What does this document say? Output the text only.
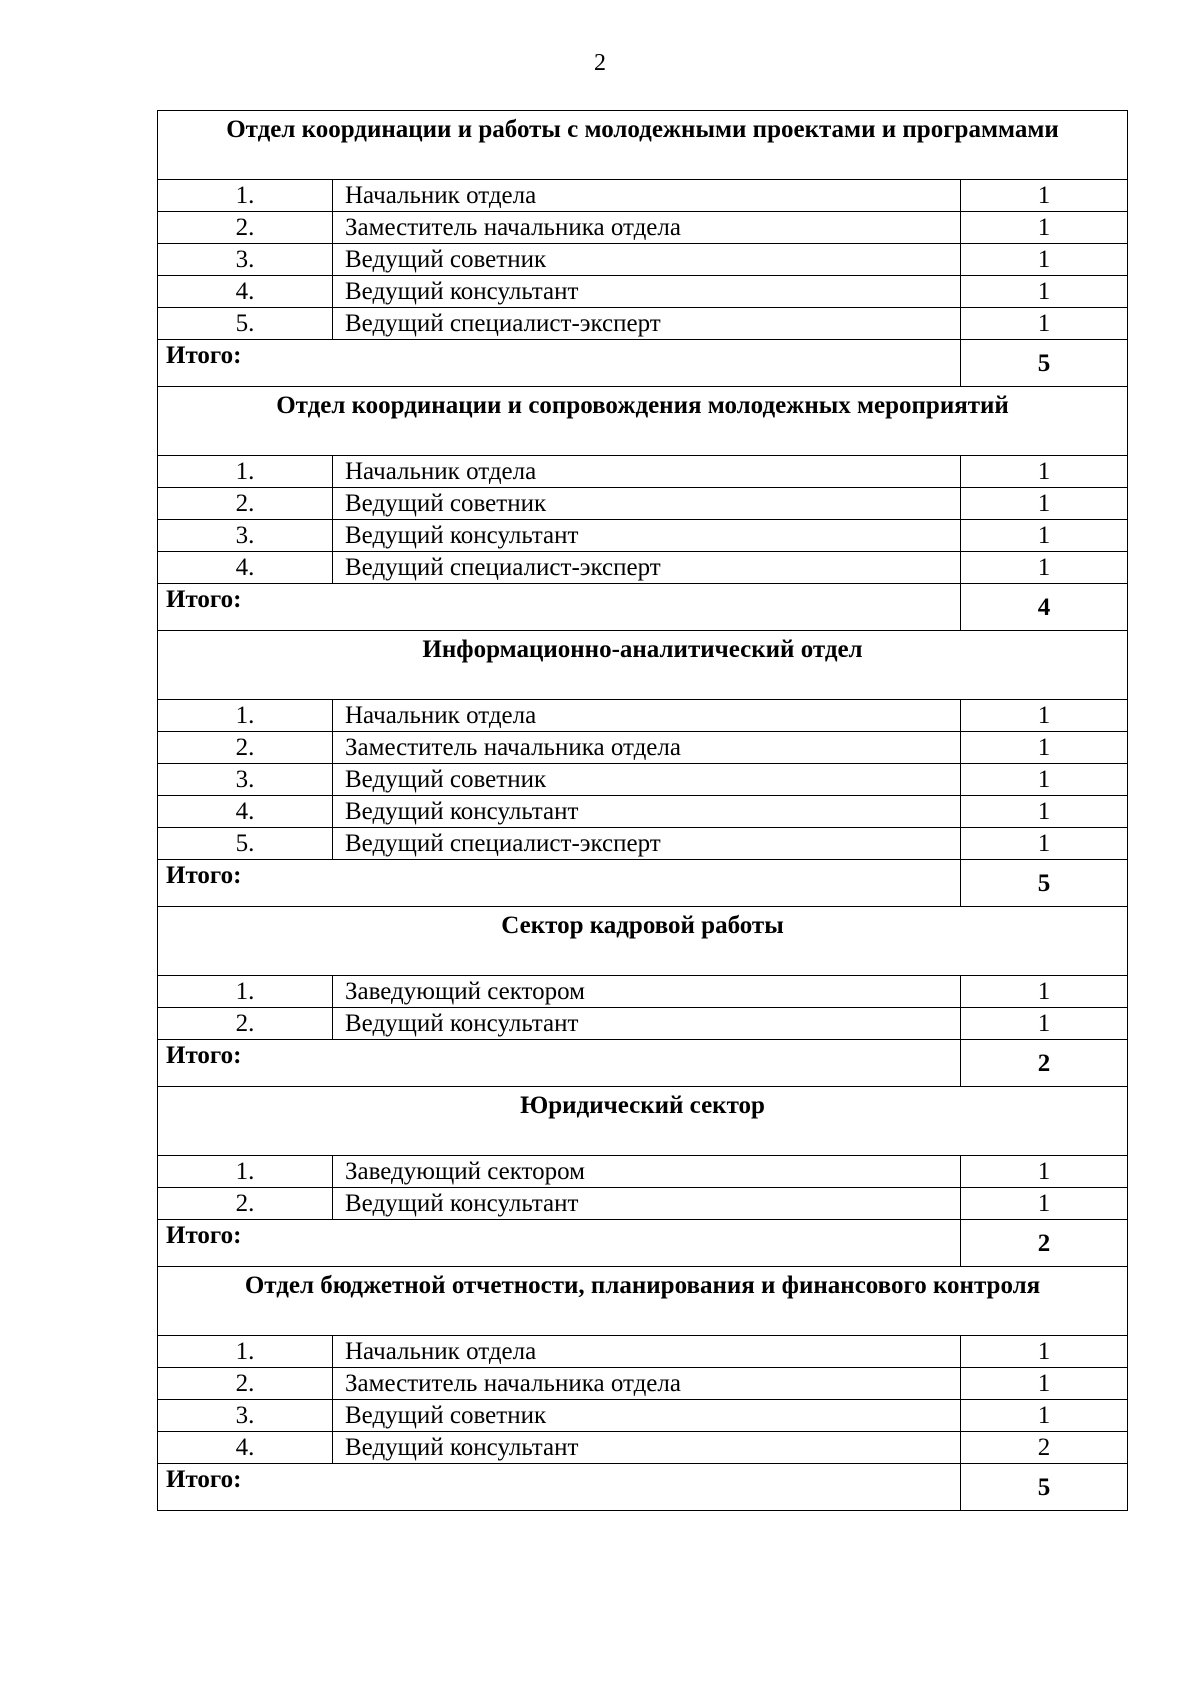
2
Отдел координации и работы с молодежными проектами и программами		
1.	Начальник отдела	1
2.	Заместитель начальника отдела	1
3.	Ведущий советник	1
4.	Ведущий консультант	1
5.	Ведущий специалист-эксперт	1
Итого:		5
Отдел координации и сопровождения молодежных мероприятий		
1.	Начальник отдела	1
2.	Ведущий советник	1
3.	Ведущий консультант	1
4.	Ведущий специалист-эксперт	1
Итого:		4
Информационно-аналитический отдел		
1.	Начальник отдела	1
2.	Заместитель начальника отдела	1
3.	Ведущий советник	1
4.	Ведущий консультант	1
5.	Ведущий специалист-эксперт	1
Итого:		5
Сектор кадровой работы		
1.	Заведующий сектором	1
2.	Ведущий консультант	1
Итого:		2
Юридический сектор		
1.	Заведующий сектором	1
2.	Ведущий консультант	1
Итого:		2
Отдел бюджетной отчетности, планирования и финансового контроля		
1.	Начальник отдела	1
2.	Заместитель начальника отдела	1
3.	Ведущий советник	1
4.	Ведущий консультант	2
Итого:		5
